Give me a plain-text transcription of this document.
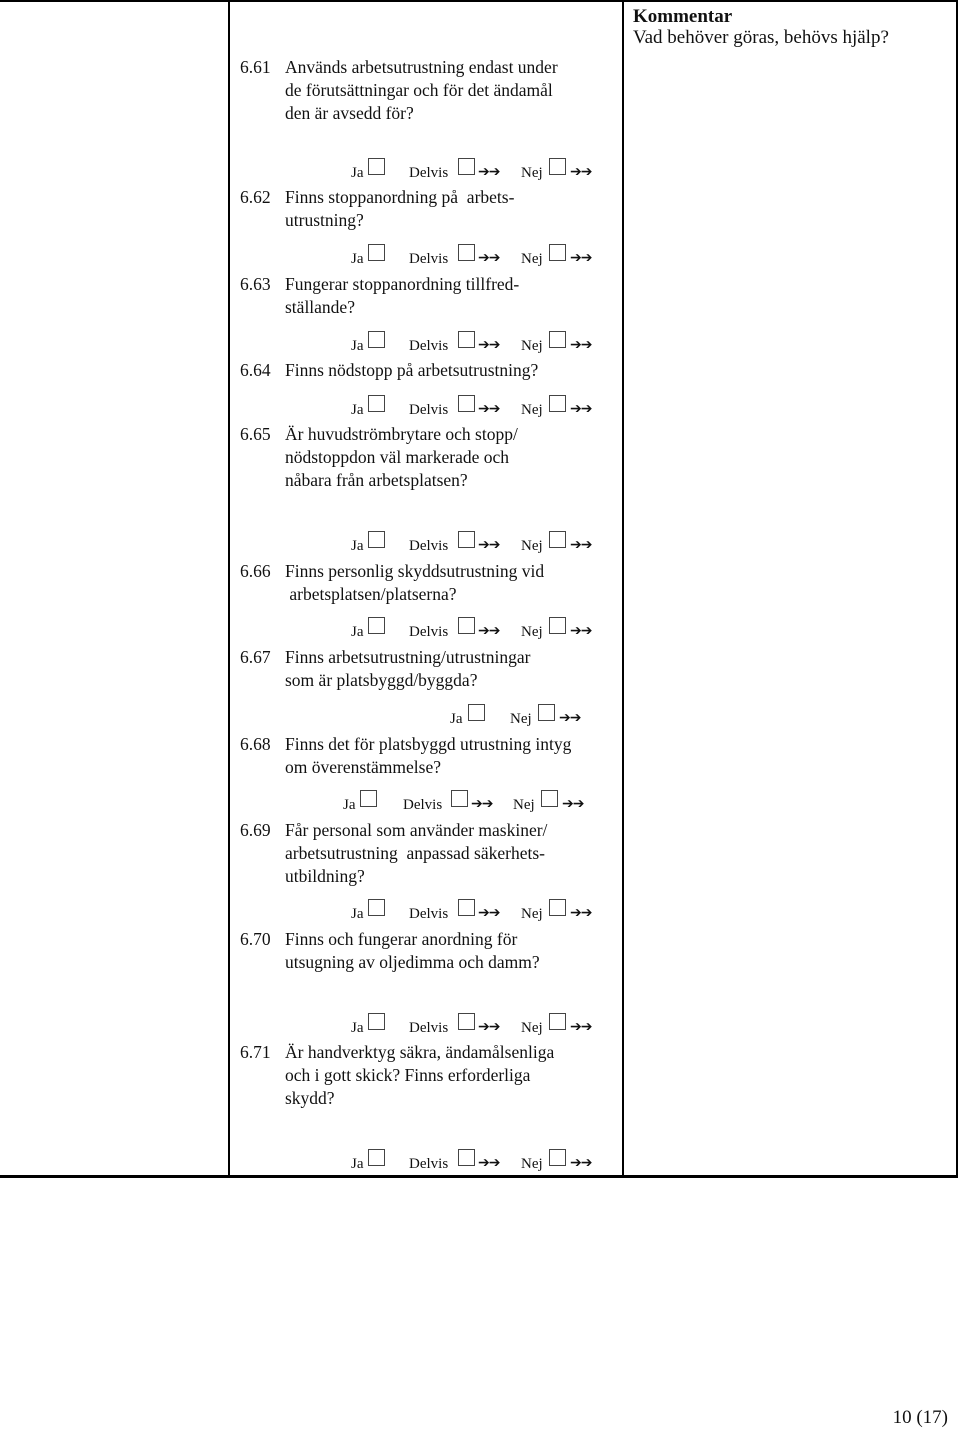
Kommentar
Vad behöver göras, behövs hjälp?
6.61 Används arbetsutrustning endast under
de förutsättningar och för det ändamål
den är avsedd för?
Ja	Delvis ➔➔ Nej ➔➔
6.62 Finns stoppanordning på  arbets-
utrustning?
Ja	Delvis ➔➔ Nej ➔➔
6.63 Fungerar stoppanordning tillfred-
ställande?
Ja	Delvis ➔➔ Nej ➔➔
6.64 Finns nödstopp på arbetsutrustning?
Ja	Delvis ➔➔ Nej ➔➔
6.65 Är huvudströmbrytare och stopp/
nödstoppdon väl markerade och
nåbara från arbetsplatsen?
Ja	Delvis ➔➔ Nej ➔➔
6.66 Finns personlig skyddsutrustning vid
arbetsplatsen/platserna?
Ja	Delvis ➔➔ Nej ➔➔
6.67 Finns arbetsutrustning/utrustningar
som är platsbyggd/byggda?
Ja	Nej ➔➔
6.68 Finns det för platsbyggd utrustning intyg
om överenstämmelse?
Ja	Delvis ➔➔ Nej ➔➔
6.69 Får personal som använder maskiner/
arbetsutrustning  anpassad säkerhets-
utbildning?
Ja	Delvis ➔➔ Nej ➔➔
6.70 Finns och fungerar anordning för
utsugning av oljedimma och damm?
Ja	Delvis ➔➔ Nej ➔➔
6.71 Är handverktyg säkra, ändamålsenliga
och i gott skick? Finns erforderliga
skydd?
Ja	Delvis ➔➔ Nej ➔➔
10 (17)
